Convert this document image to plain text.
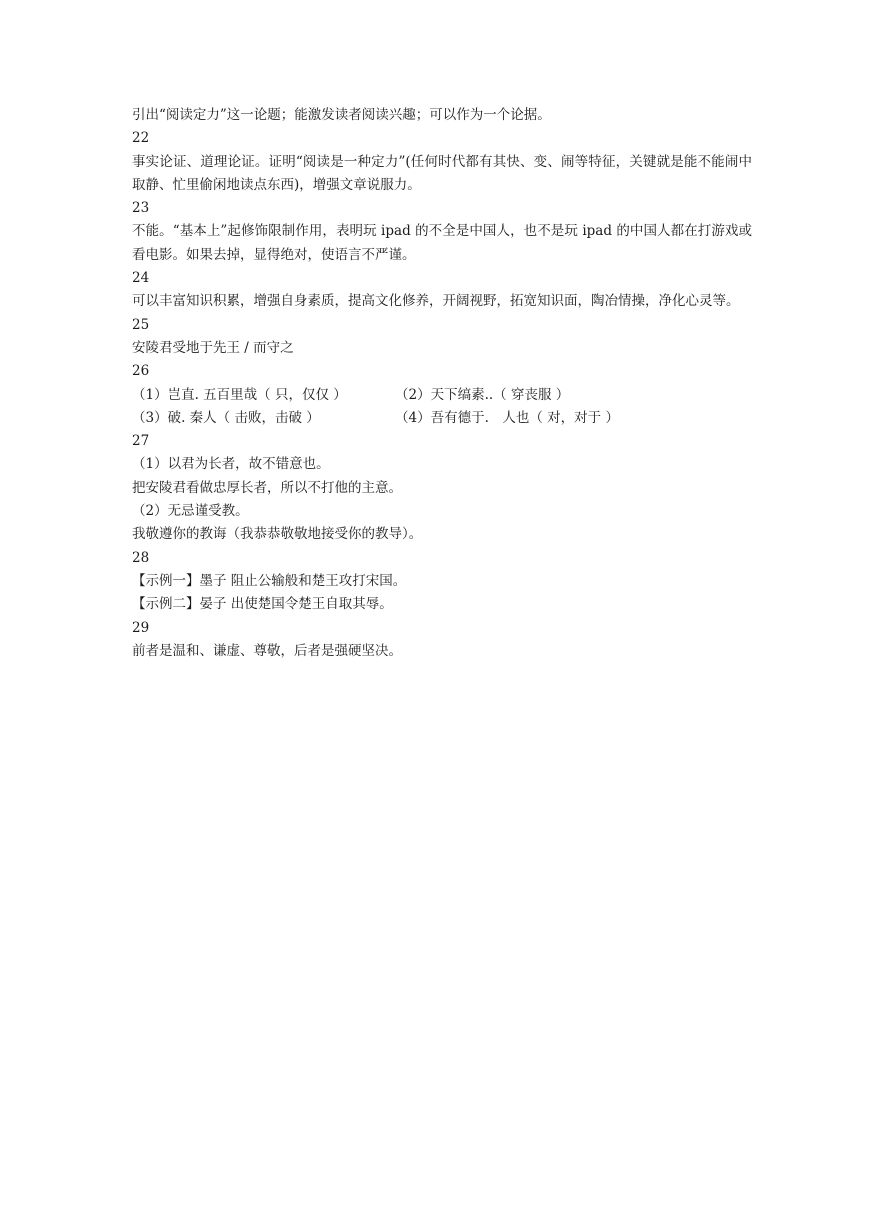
引出“阅读定力”这一论题；能激发读者阅读兴趣；可以作为一个论据。
22
事实论证、道理论证。证明“阅读是一种定力”(任何时代都有其快、变、闹等特征，关键就是能不能闹中取静、忙里偷闲地读点东西)，增强文章说服力。
23
不能。“基本上”起修饰限制作用，表明玩 ipad 的不全是中国人，也不是玩 ipad 的中国人都在打游戏或看电影。如果去掉，显得绝对，使语言不严谨。
24
可以丰富知识积累，增强自身素质，提高文化修养，开阔视野，拓宽知识面，陶冶情操，净化心灵等。
25
安陵君受地于先王 / 而守之
26
（1）岂直. 五百里哉（ 只，仅仅 ）	（2）天下缟素..（ 穿丧服 ）
（3）破. 秦人（ 击败，击破 ）	（4）吾有德于.　人也（ 对，对于 ）
27
（1）以君为长者，故不错意也。
把安陵君看做忠厚长者，所以不打他的主意。
（2）无忌谨受教。
我敬遵你的教诲（我恭恭敬敬地接受你的教导）。
28
【示例一】墨子 阻止公输般和楚王攻打宋国。
【示例二】晏子 出使楚国令楚王自取其辱。
29
前者是温和、谦虚、尊敬，后者是强硬坚决。
